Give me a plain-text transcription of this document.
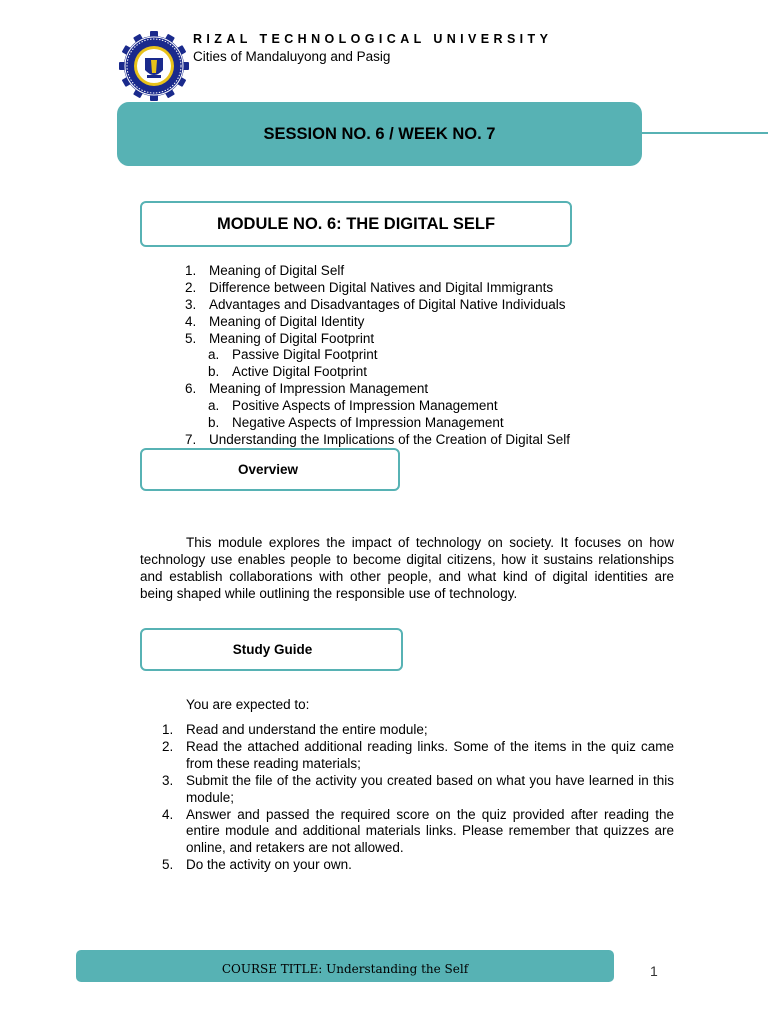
RIZAL TECHNOLOGICAL UNIVERSITY
Cities of Mandaluyong and Pasig
SESSION NO. 6 / WEEK NO. 7
MODULE NO. 6: THE DIGITAL SELF
1. Meaning of Digital Self
2. Difference between Digital Natives and Digital Immigrants
3. Advantages and Disadvantages of Digital Native Individuals
4. Meaning of Digital Identity
5. Meaning of Digital Footprint
a. Passive Digital Footprint
b. Active Digital Footprint
6. Meaning of Impression Management
a. Positive Aspects of Impression Management
b. Negative Aspects of Impression Management
7. Understanding the Implications of the Creation of Digital Self
Overview
This module explores the impact of technology on society. It focuses on how technology use enables people to become digital citizens, how it sustains relationships and establish collaborations with other people, and what kind of digital identities are being shaped while outlining the responsible use of technology.
Study Guide
You are expected to:
1. Read and understand the entire module;
2. Read the attached additional reading links. Some of the items in the quiz came from these reading materials;
3. Submit the file of the activity you created based on what you have learned in this module;
4. Answer and passed the required score on the quiz provided after reading the entire module and additional materials links. Please remember that quizzes are online, and retakers are not allowed.
5. Do the activity on your own.
COURSE TITLE: Understanding the Self	1
